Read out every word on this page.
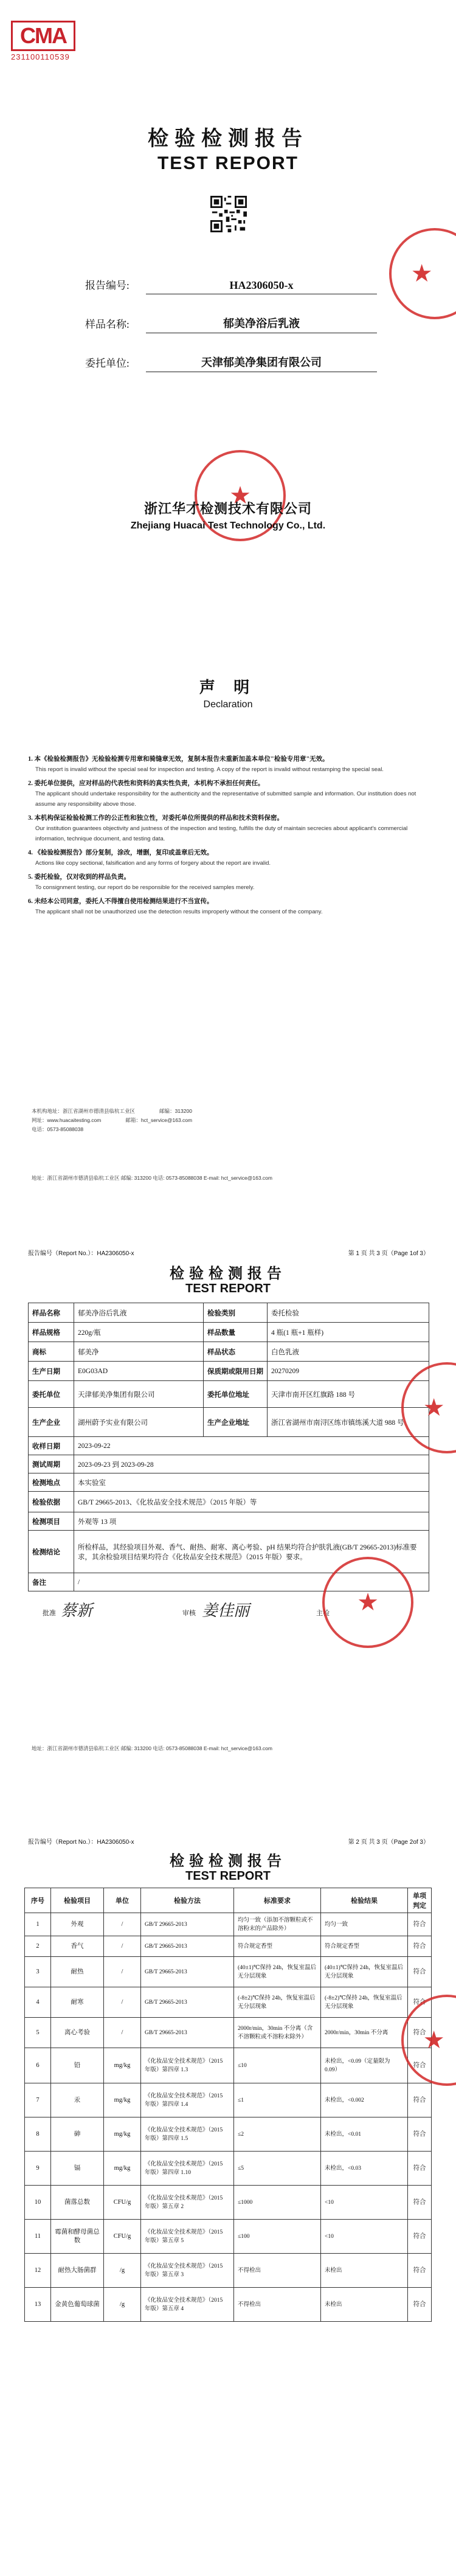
CMA
231100110539
检验检测报告
TEST REPORT
报告编号:	HA2306050-x
样品名称:	郁美净浴后乳液
委托单位:	天津郁美净集团有限公司
★
★
浙江华才检测技术有限公司
Zhejiang Huacai Test Technology Co., Ltd.
声 明
Declaration
1. 本《检验检测报告》无检验检测专用章和骑缝章无效，复制本报告未重新加盖本单位"检验专用章"无效。
This report is invalid without the special seal for inspection and testing. A copy of the report is invalid without restamping the special seal.
2. 委托单位提供，应对样品的代表性和资料的真实性负责，本机构不承担任何责任。
The applicant should undertake responsibility for the authenticity and the representative of submitted sample and information. Our institution does not assume any responsibility above those.
3. 本机构保证检验检测工作的公正性和独立性，对委托单位所提供的样品和技术资料保密。
Our institution guarantees objectivity and justness of the inspection and testing, fulfills the duty of maintain secrecies about applicant's commercial information, technique document, and testing data.
4. 《检验检测报告》部分复制，涂改，增删，复印或盖章后无效。
Actions like copy sectional, falsification and any forms of forgery about the report are invalid.
5. 委托检验，仅对收到的样品负责。
To consignment testing, our report do be responsible for the received samples merely.
6. 未经本公司同意，委托人不得擅自使用检测结果进行不当宣传。
The applicant shall not be unauthorized use the detection results improperly without the consent of the company.
本机构地址：浙江省湖州市德清县临杭工业区	邮编：313200
网址：www.huacaitesting.com	邮箱：hct_service@163.com
电话：0573-85088038
地址：浙江省湖州市德清县临杭工业区 邮编: 313200 电话: 0573-85088038 E-mail: hct_service@163.com
报告编号（Report No.）：HA2306050-x	第 1 页 共 3 页（Page 1of 3）
检验检测报告
TEST REPORT
样品名称	郁美净浴后乳液	检验类别	委托检验
样品规格	220g/瓶	样品数量	4 瓶(1 瓶+1 瓶样)
商标	郁美净	样品状态	白色乳液
生产日期	E0G03AD	保质期或限用日期	20270209
委托单位	天津郁美净集团有限公司	委托单位地址	天津市南开区红旗路 188 号
生产企业	湖州蔚予实业有限公司	生产企业地址	浙江省湖州市南浔区练市镇练溪大道 988 号
收样日期	2023-09-22		
测试周期	2023-09-23 到 2023-09-28		
检测地点	本实验室		
检验依据	GB/T 29665-2013、《化妆品安全技术规范》（2015 年版）等		
检测项目	外观等 13 项		
检测结论	所检样品，其经验项目外观、香气、耐热、耐寒、离心考验、pH 结果均符合护肤乳液(GB/T 29665-2013)标准要求，其余检验项目结果均符合《化妆品安全技术规范》（2015 年版）要求。		
备注	/		
批准 蔡新	审核 姜佳丽	主检 ★
★
地址：浙江省湖州市德清县临杭工业区 邮编: 313200 电话: 0573-85088038 E-mail: hct_service@163.com
报告编号（Report No.）：HA2306050-x	第 2 页 共 3 页（Page 2of 3）
检验检测报告
TEST REPORT
序号	检验项目	单位	检验方法	标准要求	检验结果	单项判定
1	外观	/	GB/T 29665-2013	均匀一致（添加不溶颗粒或不溶粉末的产品除外）	均匀一致	符合
2	香气	/	GB/T 29665-2013	符合规定香型	符合规定香型	符合
3	耐热	/	GB/T 29665-2013	(40±1)℃保持 24h，恢复室温后无分层现象	(40±1)℃保持 24h，恢复室温后无分层现象	符合
4	耐寒	/	GB/T 29665-2013	(-8±2)℃保持 24h，恢复室温后无分层现象	(-8±2)℃保持 24h，恢复室温后无分层现象	符合
5	离心考验	/	GB/T 29665-2013	2000r/min，30min 不分离（含不溶颗粒或不溶粉末除外）	2000r/min，30min 不分离	符合
6	铅	mg/kg	《化妆品安全技术规范》（2015 年版）第四章 1.3	≤10	未检出，<0.09（定量限为 0.09）	符合
7	汞	mg/kg	《化妆品安全技术规范》（2015 年版）第四章 1.4	≤1	未检出，<0.002	符合
8	砷	mg/kg	《化妆品安全技术规范》（2015 年版）第四章 1.5	≤2	未检出，<0.01	符合
9	镉	mg/kg	《化妆品安全技术规范》（2015 年版）第四章 1.10	≤5	未检出，<0.03	符合
10	菌落总数	CFU/g	《化妆品安全技术规范》（2015 年版）第五章 2	≤1000	<10	符合
11	霉菌和酵母菌总数	CFU/g	《化妆品安全技术规范》（2015 年版）第五章 5	≤100	<10	符合
12	耐热大肠菌群	/g	《化妆品安全技术规范》（2015 年版）第五章 3	不得检出	未检出	符合
13	金黄色葡萄球菌	/g	《化妆品安全技术规范》（2015 年版）第五章 4	不得检出	未检出	符合
★
